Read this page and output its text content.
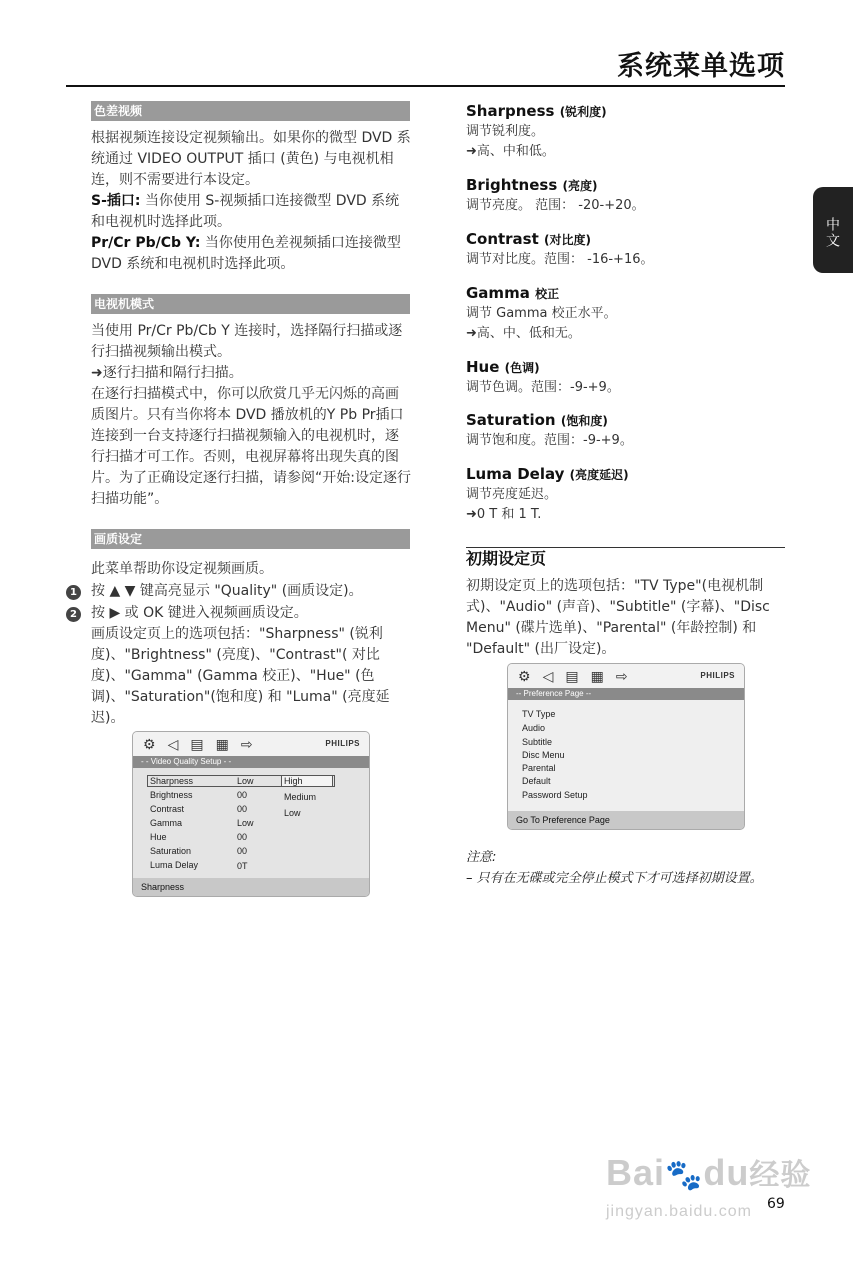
系统菜单选项
中文
色差视频
根据视频连接设定视频输出。如果你的微型 DVD 系统通过 VIDEO OUTPUT 插口 (黄色) 与电视机相连，则不需要进行本设定。
S-插口: 当你使用 S-视频插口连接微型 DVD 系统和电视机时选择此项。
Pr/Cr Pb/Cb Y: 当你使用色差视频插口连接微型 DVD 系统和电视机时选择此项。
电视机模式
当使用 Pr/Cr Pb/Cb Y 连接时，选择隔行扫描或逐行扫描视频输出模式。
➜逐行扫描和隔行扫描。
在逐行扫描模式中，你可以欣赏几乎无闪烁的高画质图片。只有当你将本 DVD 播放机的Y Pb Pr插口连接到一台支持逐行扫描视频输入的电视机时，逐行扫描才可工作。否则，电视屏幕将出现失真的图片。为了正确设定逐行扫描，请参阅“开始:设定逐行扫描功能”。
画质设定
此菜单帮助你设定视频画质。
1 按 ▲ ▼ 键高亮显示 "Quality" (画质设定)。
2 按 ▶ 或 OK 键进入视频画质设定。
画质设定页上的选项包括："Sharpness" (锐利度)、"Brightness" (亮度)、"Contrast"( 对比度)、"Gamma" (Gamma 校正)、"Hue" (色调)、"Saturation"(饱和度) 和 "Luma" (亮度延迟)。
⚙ ◁ ▤ ▦ ⇨	PHILIPS
- - Video Quality Setup - -
Sharpness	Low
Brightness	00
Contrast	00
Gamma	Low
Hue	00
Saturation	00
Luma Delay	0T
High
Medium
Low
Sharpness
Sharpness (锐利度)
调节锐利度。
➜高、中和低。
Brightness (亮度)
调节亮度。 范围： -20-+20。
Contrast (对比度)
调节对比度。范围： -16-+16。
Gamma 校正
调节 Gamma 校正水平。
➜高、中、低和无。
Hue (色调)
调节色调。范围：-9-+9。
Saturation (饱和度)
调节饱和度。范围：-9-+9。
Luma Delay (亮度延迟)
调节亮度延迟。
➜0 T 和 1 T.
初期设定页
初期设定页上的选项包括："TV Type"(电视机制式)、"Audio" (声音)、"Subtitle" (字幕)、"Disc Menu" (碟片选单)、"Parental" (年龄控制) 和 "Default" (出厂设定)。
⚙ ◁ ▤ ▦ ⇨	PHILIPS
-- Preference Page --
TV Type
Audio
Subtitle
Disc Menu
Parental
Default
Password Setup
Go To Preference Page
注意:
– 只有在无碟或完全停止模式下才可选择初期设置。
Bai🐾du经验
jingyan.baidu.com 69
